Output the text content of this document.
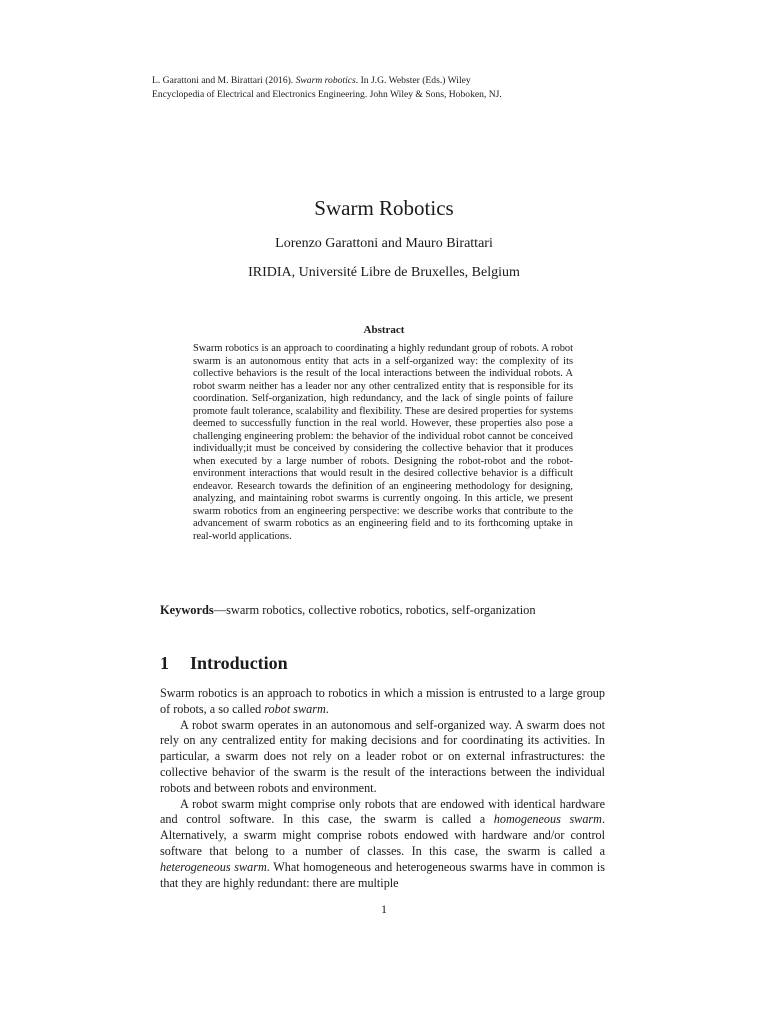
L. Garattoni and M. Birattari (2016). Swarm robotics. In J.G. Webster (Eds.) Wiley
Encyclopedia of Electrical and Electronics Engineering. John Wiley & Sons, Hoboken, NJ.
Swarm Robotics
Lorenzo Garattoni and Mauro Birattari
IRIDIA, Université Libre de Bruxelles, Belgium
Abstract
Swarm robotics is an approach to coordinating a highly redundant group of robots. A robot swarm is an autonomous entity that acts in a self-organized way: the complexity of its collective behaviors is the result of the local interactions between the individual robots. A robot swarm neither has a leader nor any other centralized entity that is responsible for its coordination. Self-organization, high redundancy, and the lack of single points of failure promote fault tolerance, scalability and flexibility. These are desired properties for systems deemed to successfully function in the real world. However, these properties also pose a challenging engineering problem: the behavior of the individual robot cannot be conceived individually;it must be conceived by considering the collective behavior that it produces when executed by a large number of robots. Designing the robot-robot and the robot-environment interactions that would result in the desired collective behavior is a difficult endeavor. Research towards the definition of an engineering methodology for designing, analyzing, and maintaining robot swarms is currently ongoing. In this article, we present swarm robotics from an engineering perspective: we describe works that contribute to the advancement of swarm robotics as an engineering field and to its forthcoming uptake in real-world applications.
Keywords—swarm robotics, collective robotics, robotics, self-organization
1 Introduction

Swarm robotics is an approach to robotics in which a mission is entrusted to a large group of robots, a so called robot swarm.

A robot swarm operates in an autonomous and self-organized way. A swarm does not rely on any centralized entity for making decisions and for coordinating its activities. In particular, a swarm does not rely on a leader robot or on external infrastructures: the collective behavior of the swarm is the result of the interactions between the individual robots and between robots and environment.

A robot swarm might comprise only robots that are endowed with identical hardware and control software. In this case, the swarm is called a homogeneous swarm. Alternatively, a swarm might comprise robots endowed with hardware and/or control software that belong to a number of classes. In this case, the swarm is called a heterogeneous swarm. What homogeneous and heterogeneous swarms have in common is that they are highly redundant: there are multiple

1
